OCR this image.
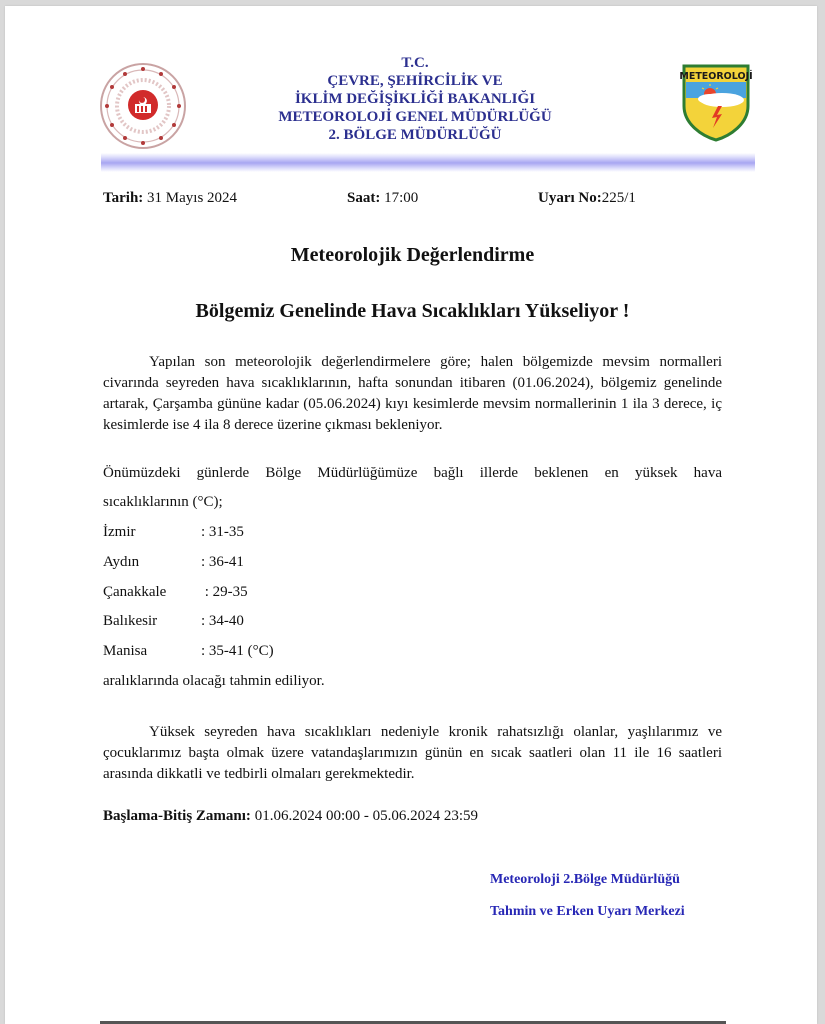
T.C.
ÇEVRE, ŞEHİRCİLİK VE
İKLİM DEĞİŞİKLİĞİ BAKANLIĞI
METEOROLOJİ GENEL MÜDÜRLÜĞÜ
2. BÖLGE MÜDÜRLÜĞÜ
METEOROLOJİ
Tarih: 31 Mayıs 2024	Saat: 17:00	Uyarı No:225/1
Meteorolojik Değerlendirme
Bölgemiz Genelinde Hava Sıcaklıkları Yükseliyor !
Yapılan son meteorolojik değerlendirmelere göre; halen bölgemizde mevsim normalleri civarında seyreden hava sıcaklıklarının, hafta sonundan itibaren (01.06.2024), bölgemiz genelinde artarak, Çarşamba gününe kadar (05.06.2024) kıyı kesimlerde mevsim normallerinin 1 ila 3 derece, iç kesimlerde ise 4 ila 8 derece üzerine çıkması bekleniyor.
Önümüzdeki günlerde Bölge Müdürlüğümüze bağlı illerde beklenen en yüksek hava
sıcaklıklarının (°C);
İzmir	: 31-35
Aydın	: 36-41
Çanakkale : 29-35
Balıkesir	: 34-40
Manisa	: 35-41 (°C)
aralıklarında olacağı tahmin ediliyor.
Yüksek seyreden hava sıcaklıkları nedeniyle kronik rahatsızlığı olanlar, yaşlılarımız ve çocuklarımız başta olmak üzere vatandaşlarımızın günün en sıcak saatleri olan 11 ile 16 saatleri arasında dikkatli ve tedbirli olmaları gerekmektedir.
Başlama-Bitiş Zamanı: 01.06.2024 00:00 - 05.06.2024 23:59
Meteoroloji 2.Bölge Müdürlüğü
Tahmin ve Erken Uyarı Merkezi
